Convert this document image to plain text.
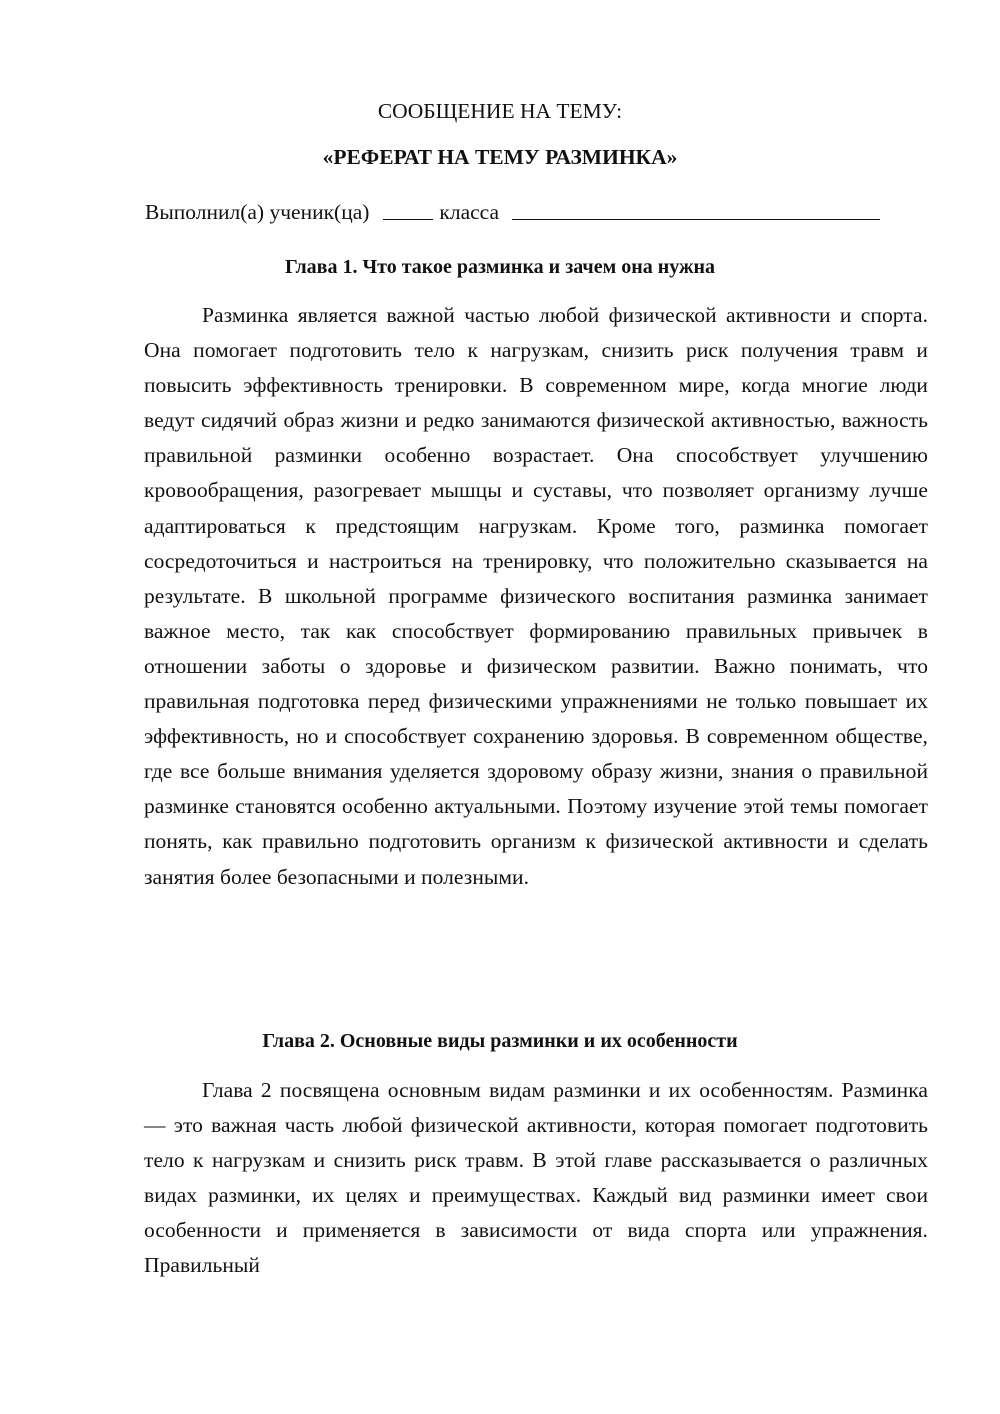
СООБЩЕНИЕ НА ТЕМУ:

«РЕФЕРАТ НА ТЕМУ РАЗМИНКА»

Выполнил(а) ученик(ца)	класса
Глава 1. Что такое разминка и зачем она нужна

Разминка является важной частью любой физической активности и спорта. Она помогает подготовить тело к нагрузкам, снизить риск получения травм и повысить эффективность тренировки. В современном мире, когда многие люди ведут сидячий образ жизни и редко занимаются физической активностью, важность правильной разминки особенно возрастает. Она способствует улучшению кровообращения, разогревает мышцы и суставы, что позволяет организму лучше адаптироваться к предстоящим нагрузкам. Кроме того, разминка помогает сосредоточиться и настроиться на тренировку, что положительно сказывается на результате. В школьной программе физического воспитания разминка занимает важное место, так как способствует формированию правильных привычек в отношении заботы о здоровье и физическом развитии. Важно понимать, что правильная подготовка перед физическими упражнениями не только повышает их эффективность, но и способствует сохранению здоровья. В современном обществе, где все больше внимания уделяется здоровому образу жизни, знания о правильной разминке становятся особенно актуальными. Поэтому изучение этой темы помогает понять, как правильно подготовить организм к физической активности и сделать занятия более безопасными и полезными.

Глава 2. Основные виды разминки и их особенности

Глава 2 посвящена основным видам разминки и их особенностям. Разминка — это важная часть любой физической активности, которая помогает подготовить тело к нагрузкам и снизить риск травм. В этой главе рассказывается о различных видах разминки, их целях и преимуществах. Каждый вид разминки имеет свои особенности и применяется в зависимости от вида спорта или упражнения. Правильный
